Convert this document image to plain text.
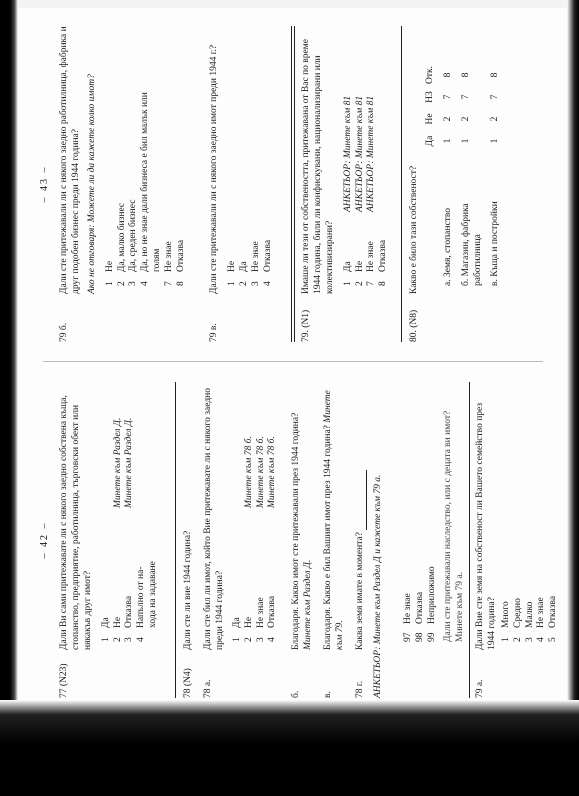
– 42 –
77 (N23)
Дали Ви сами притежавате ли с някого заедно собствена къща, стопанство, предприятие, работилница, търговски обект или някакъв друг имот? 1
Да
2
Не
Минете към Раздел Д.
3
Отказва
Минете към Раздел Д.
4
Напълно от на- хода на задаване
78 (N4)
Дали сте ли вие 1944 година?
78 a.
Дали сте бил ли имот, който Вие притежавате ли с някого заедно преди 1944 година? 1
Да
2
Не
Минете към 78 б.
3
Не знае
Минете към 78 б.
4
Отказва
Минете към 78 б.
б.
Благодаря. Какво имот сте притежавали през 1944 година? Минете към Раздел Д.
в.
Благодаря. Какво е бил Вашият имот през 1944 година? Минете към 79.
78 г.
Каква земя имате в момента? АНКЕТЬОР: Минете към Раздел Д и кажете към 79 а. 97
Не знае
98
Отказва
99
Неприложимо Дали сте притежавали наследство, или с децата ви имот? Минете към 79 а.
79 а.
Дали Вие сте земя на собственост ли Вашето семейство през 1944 година? 1
Много
2
Средно
3
Малко
4
Не знае
5
Отказва
– 43 –
79 б.
Дали сте притежавали ли с някого заедно работилница, фабрика и друг подобен бизнес преди 1944 година? Ако не отговаря: Можете ли да кажете колко имот? 1
Не
2
Да, малко бизнес
3
Да, среден бизнес
4
Да, но не знае дали бизнеса е бил малък или голям
7
Не знае
8
Отказва
79 в.
Дали сте притежавали ли с някого заедно имот преди 1944 г.? 1
Не
2
Да
3
Не знае
4
Отказва
79. (N1)
Имаше ли тези от собствеността, притежавана от Вас по време 1944 година, били ли конфискувани, национализирани или колективизирани? 1
Да
АНКЕТЬОР: Минете към 81
2
Не
АНКЕТЬОР: Минете към 81
7
Не знае
АНКЕТЬОР: Минете към 81
8
Отказва
80. (N8)
Какво е било тази собственост?
Да
Не
НЗ
Отк.
а. Земя, стопанство
1
2
7
8
б. Магазин, фабрика работилница
1
2
7
8
в. Къща и постройки
1
2
7
8
